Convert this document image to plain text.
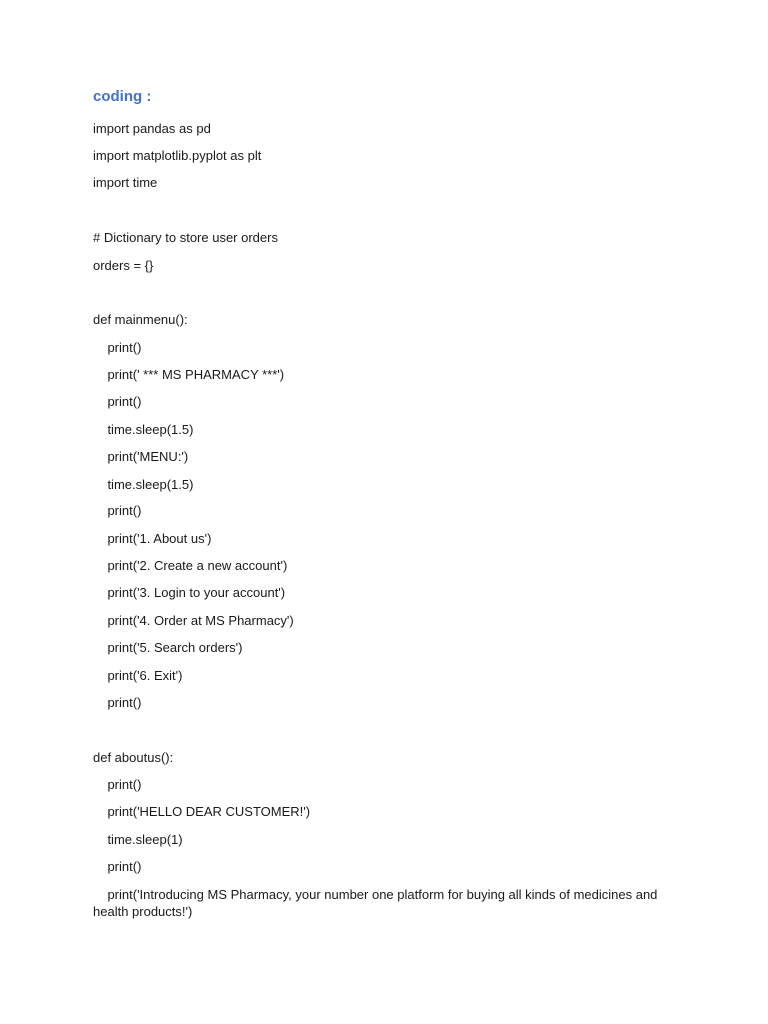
coding :
import pandas as pd
import matplotlib.pyplot as plt
import time
# Dictionary to store user orders
orders = {}
def mainmenu():
print()
print(' *** MS PHARMACY ***')
print()
time.sleep(1.5)
print('MENU:')
time.sleep(1.5)
print()
print('1. About us')
print('2. Create a new account')
print('3. Login to your account')
print('4. Order at MS Pharmacy')
print('5. Search orders')
print('6. Exit')
print()
def aboutus():
print()
print('HELLO DEAR CUSTOMER!')
time.sleep(1)
print()
print('Introducing MS Pharmacy, your number one platform for buying all kinds of medicines and health products!')
